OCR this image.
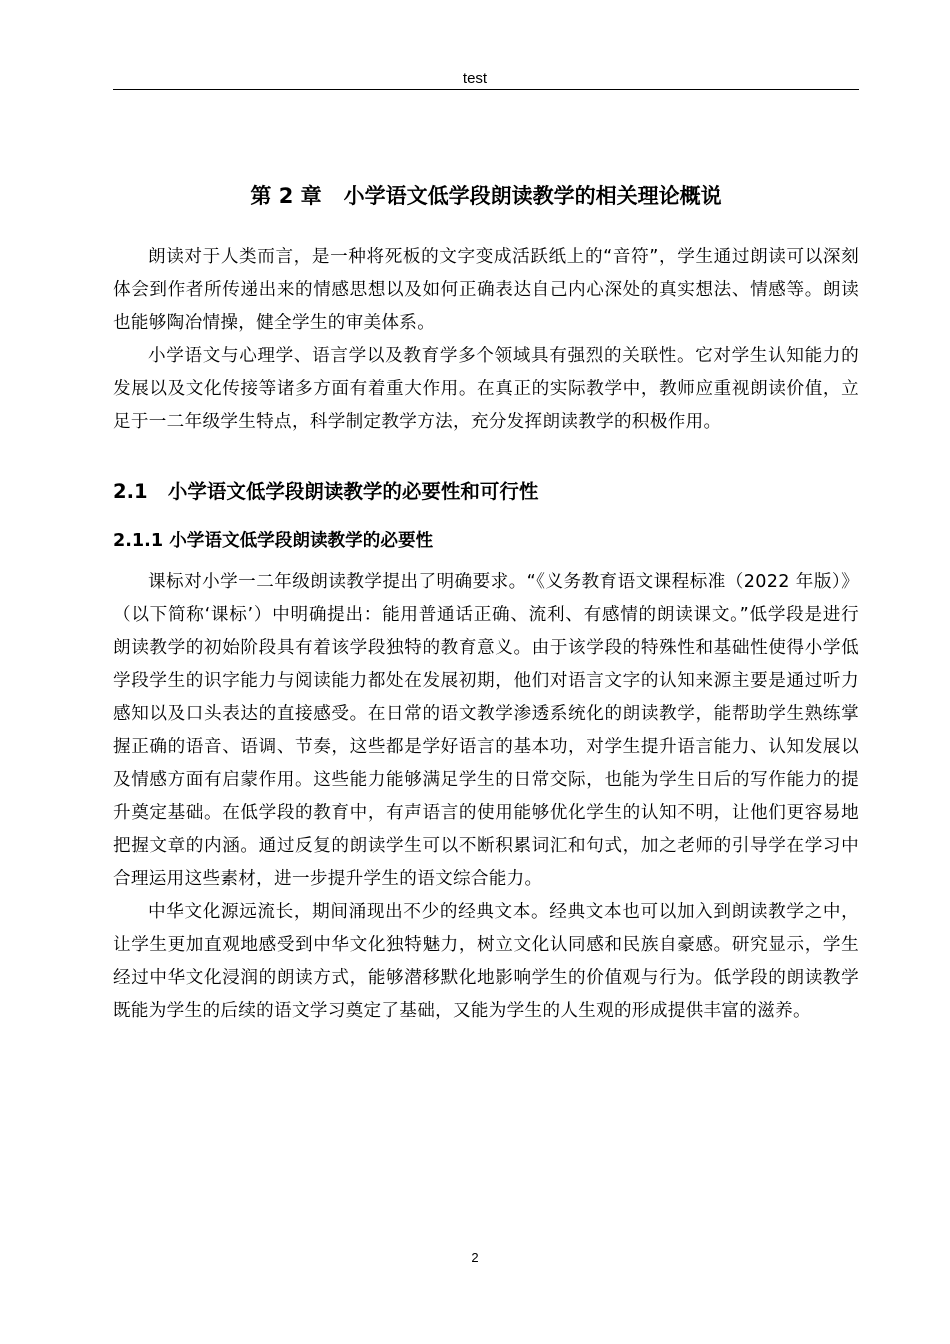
test
第 2 章   小学语文低学段朗读教学的相关理论概说

朗读对于人类而言，是一种将死板的文字变成活跃纸上的“音符”，学生通过朗读可以深刻体会到作者所传递出来的情感思想以及如何正确表达自己内心深处的真实想法、情感等。朗读也能够陶冶情操，健全学生的审美体系。

小学语文与心理学、语言学以及教育学多个领域具有强烈的关联性。它对学生认知能力的发展以及文化传接等诸多方面有着重大作用。在真正的实际教学中，教师应重视朗读价值，立足于一二年级学生特点，科学制定教学方法，充分发挥朗读教学的积极作用。

2.1   小学语文低学段朗读教学的必要性和可行性
2.1.1 小学语文低学段朗读教学的必要性

课标对小学一二年级朗读教学提出了明确要求。“《义务教育语文课程标准（2022 年版）》（以下简称‘课标’）中明确提出：能用普通话正确、流利、有感情的朗读课文。”低学段是进行朗读教学的初始阶段具有着该学段独特的教育意义。由于该学段的特殊性和基础性使得小学低学段学生的识字能力与阅读能力都处在发展初期，他们对语言文字的认知来源主要是通过听力感知以及口头表达的直接感受。在日常的语文教学渗透系统化的朗读教学，能帮助学生熟练掌握正确的语音、语调、节奏，这些都是学好语言的基本功，对学生提升语言能力、认知发展以及情感方面有启蒙作用。这些能力能够满足学生的日常交际，也能为学生日后的写作能力的提升奠定基础。在低学段的教育中，有声语言的使用能够优化学生的认知不明，让他们更容易地把握文章的内涵。通过反复的朗读学生可以不断积累词汇和句式，加之老师的引导学在学习中合理运用这些素材，进一步提升学生的语文综合能力。

中华文化源远流长，期间涌现出不少的经典文本。经典文本也可以加入到朗读教学之中，让学生更加直观地感受到中华文化独特魅力，树立文化认同感和民族自豪感。研究显示，学生经过中华文化浸润的朗读方式，能够潜移默化地影响学生的价值观与行为。低学段的朗读教学既能为学生的后续的语文学习奠定了基础，又能为学生的人生观的形成提供丰富的滋养。

2
